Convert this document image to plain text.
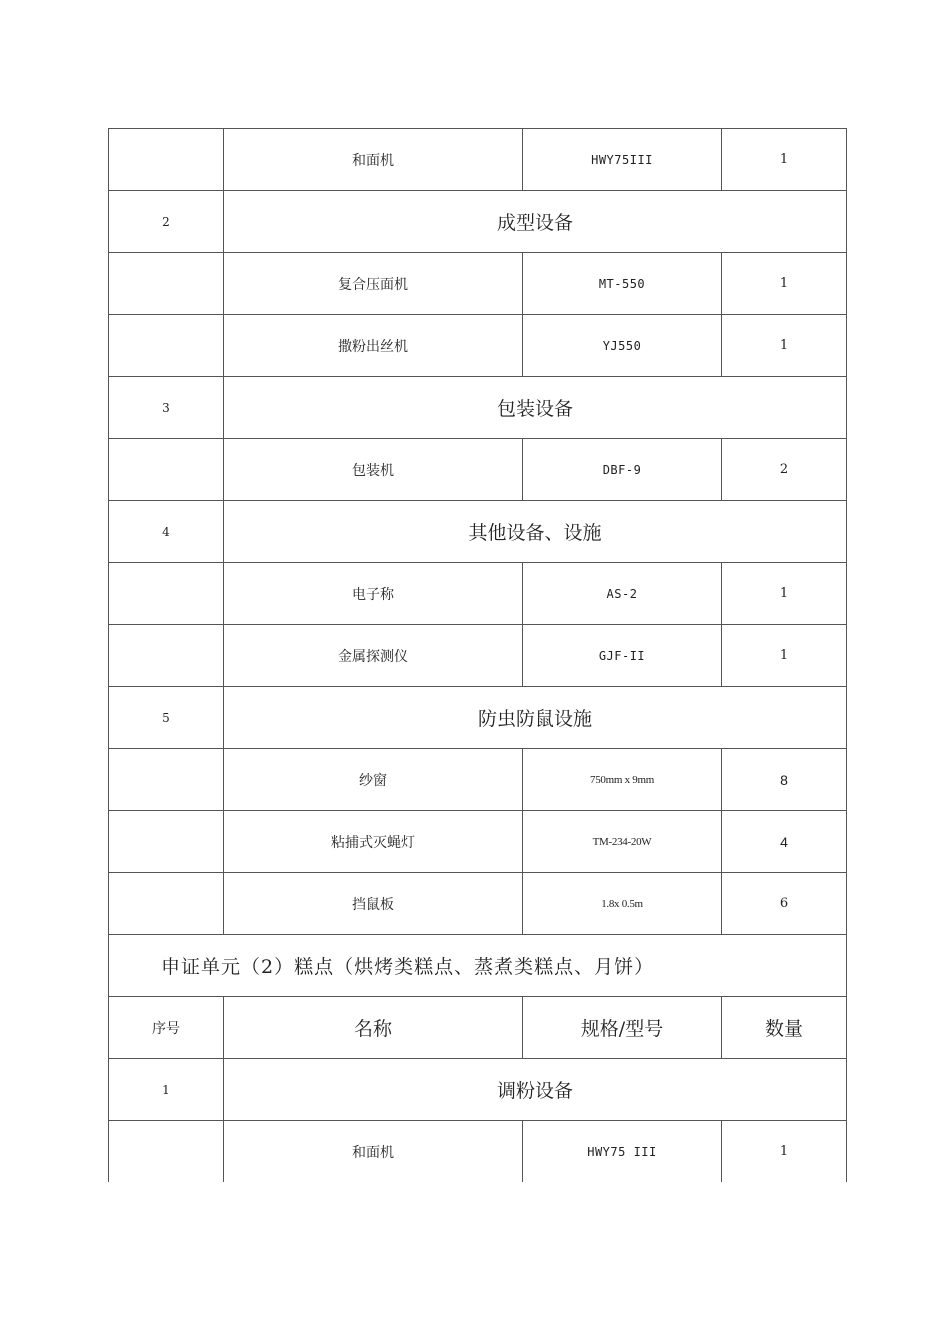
	和面机	HWY75III	1
2	成型设备		
	复合压面机	MT-550	1
	撒粉出丝机	YJ550	1
3	包装设备		
	包装机	DBF-9	2
4	其他设备、设施		
	电子称	AS-2	1
	金属探测仪	GJF-II	1
5	防虫防鼠设施		
	纱窗	750mm x 9mm	8
	粘捕式灭蝇灯	TM-234-20W	4
	挡鼠板	1.8x 0.5m	6
申证单元（2）糕点（烘烤类糕点、蒸煮类糕点、月饼）			
序号	名称	规格/型号	数量
1	调粉设备		
	和面机	HWY75 III	1
